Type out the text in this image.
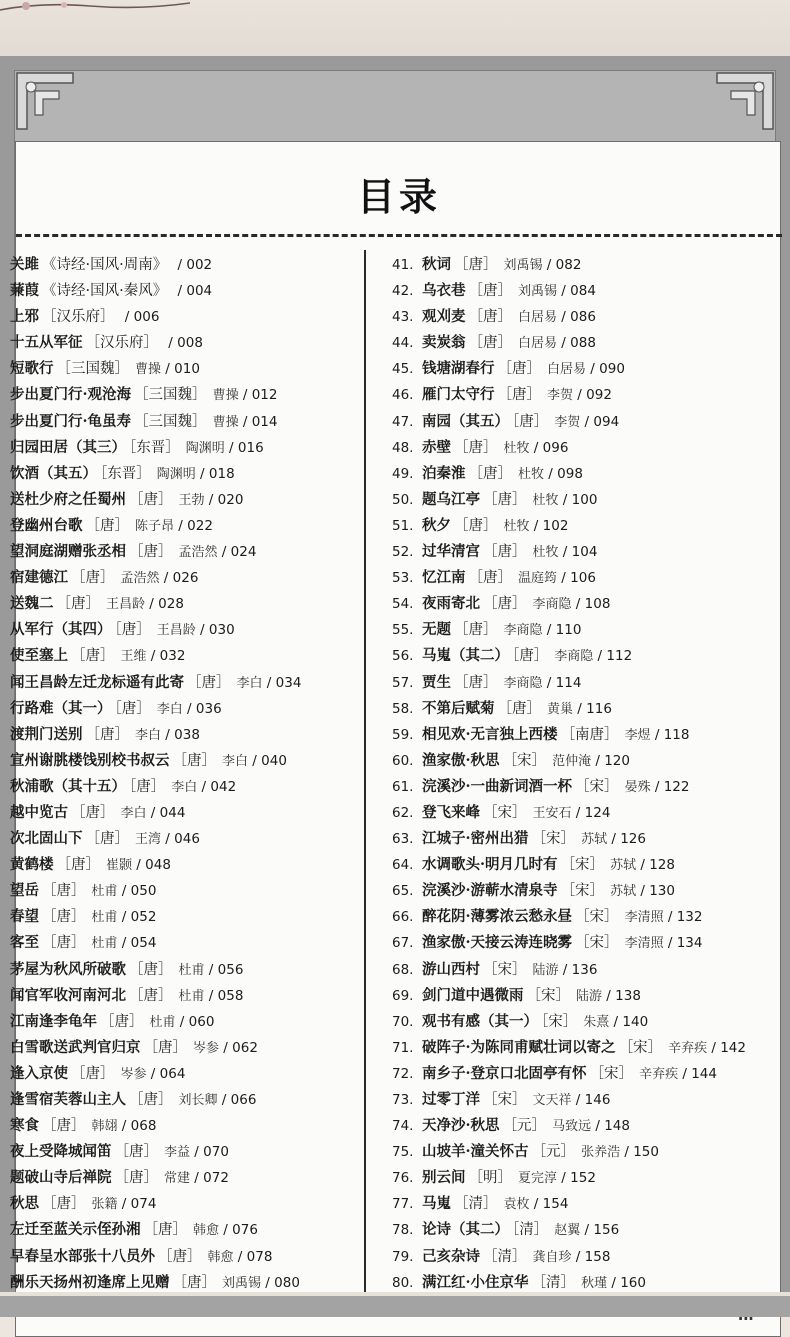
目录
关雎 《诗经·国风·周南》 / 002
蒹葭 《诗经·国风·秦风》 / 004
上邪 ［汉乐府］ / 006
十五从军征 ［汉乐府］ / 008
短歌行 ［三国魏］ 曹操 / 010
步出夏门行·观沧海 ［三国魏］ 曹操 / 012
步出夏门行·龟虽寿 ［三国魏］ 曹操 / 014
归园田居（其三） ［东晋］ 陶渊明 / 016
饮酒（其五） ［东晋］ 陶渊明 / 018
送杜少府之任蜀州 ［唐］ 王勃 / 020
登幽州台歌 ［唐］ 陈子昂 / 022
望洞庭湖赠张丞相 ［唐］ 孟浩然 / 024
宿建德江 ［唐］ 孟浩然 / 026
送魏二 ［唐］ 王昌龄 / 028
从军行（其四） ［唐］ 王昌龄 / 030
使至塞上 ［唐］ 王维 / 032
闻王昌龄左迁龙标遥有此寄 ［唐］ 李白 / 034
行路难（其一） ［唐］ 李白 / 036
渡荆门送别 ［唐］ 李白 / 038
宣州谢朓楼饯别校书叔云 ［唐］ 李白 / 040
秋浦歌（其十五） ［唐］ 李白 / 042
越中览古 ［唐］ 李白 / 044
次北固山下 ［唐］ 王湾 / 046
黄鹤楼 ［唐］ 崔颢 / 048
望岳 ［唐］ 杜甫 / 050
春望 ［唐］ 杜甫 / 052
客至 ［唐］ 杜甫 / 054
茅屋为秋风所破歌 ［唐］ 杜甫 / 056
闻官军收河南河北 ［唐］ 杜甫 / 058
江南逢李龟年 ［唐］ 杜甫 / 060
白雪歌送武判官归京 ［唐］ 岑参 / 062
逢入京使 ［唐］ 岑参 / 064
逢雪宿芙蓉山主人 ［唐］ 刘长卿 / 066
寒食 ［唐］ 韩翃 / 068
夜上受降城闻笛 ［唐］ 李益 / 070
题破山寺后禅院 ［唐］ 常建 / 072
秋思 ［唐］ 张籍 / 074
左迁至蓝关示侄孙湘 ［唐］ 韩愈 / 076
早春呈水部张十八员外 ［唐］ 韩愈 / 078
酬乐天扬州初逢席上见赠 ［唐］ 刘禹锡 / 080
41. 秋词 ［唐］ 刘禹锡 / 082
42. 乌衣巷 ［唐］ 刘禹锡 / 084
43. 观刈麦 ［唐］ 白居易 / 086
44. 卖炭翁 ［唐］ 白居易 / 088
45. 钱塘湖春行 ［唐］ 白居易 / 090
46. 雁门太守行 ［唐］ 李贺 / 092
47. 南园（其五） ［唐］ 李贺 / 094
48. 赤壁 ［唐］ 杜牧 / 096
49. 泊秦淮 ［唐］ 杜牧 / 098
50. 题乌江亭 ［唐］ 杜牧 / 100
51. 秋夕 ［唐］ 杜牧 / 102
52. 过华清宫 ［唐］ 杜牧 / 104
53. 忆江南 ［唐］ 温庭筠 / 106
54. 夜雨寄北 ［唐］ 李商隐 / 108
55. 无题 ［唐］ 李商隐 / 110
56. 马嵬（其二） ［唐］ 李商隐 / 112
57. 贾生 ［唐］ 李商隐 / 114
58. 不第后赋菊 ［唐］ 黄巢 / 116
59. 相见欢·无言独上西楼 ［南唐］ 李煜 / 118
60. 渔家傲·秋思 ［宋］ 范仲淹 / 120
61. 浣溪沙·一曲新词酒一杯 ［宋］ 晏殊 / 122
62. 登飞来峰 ［宋］ 王安石 / 124
63. 江城子·密州出猎 ［宋］ 苏轼 / 126
64. 水调歌头·明月几时有 ［宋］ 苏轼 / 128
65. 浣溪沙·游蕲水清泉寺 ［宋］ 苏轼 / 130
66. 醉花阴·薄雾浓云愁永昼 ［宋］ 李清照 / 132
67. 渔家傲·天接云涛连晓雾 ［宋］ 李清照 / 134
68. 游山西村 ［宋］ 陆游 / 136
69. 剑门道中遇微雨 ［宋］ 陆游 / 138
70. 观书有感（其一） ［宋］ 朱熹 / 140
71. 破阵子·为陈同甫赋壮词以寄之 ［宋］ 辛弃疾 / 142
72. 南乡子·登京口北固亭有怀 ［宋］ 辛弃疾 / 144
73. 过零丁洋 ［宋］ 文天祥 / 146
74. 天净沙·秋思 ［元］ 马致远 / 148
75. 山坡羊·潼关怀古 ［元］ 张养浩 / 150
76. 别云间 ［明］ 夏完淳 / 152
77. 马嵬 ［清］ 袁枚 / 154
78. 论诗（其二） ［清］ 赵翼 / 156
79. 己亥杂诗 ［清］ 龚自珍 / 158
80. 满江红·小住京华 ［清］ 秋瑾 / 160
